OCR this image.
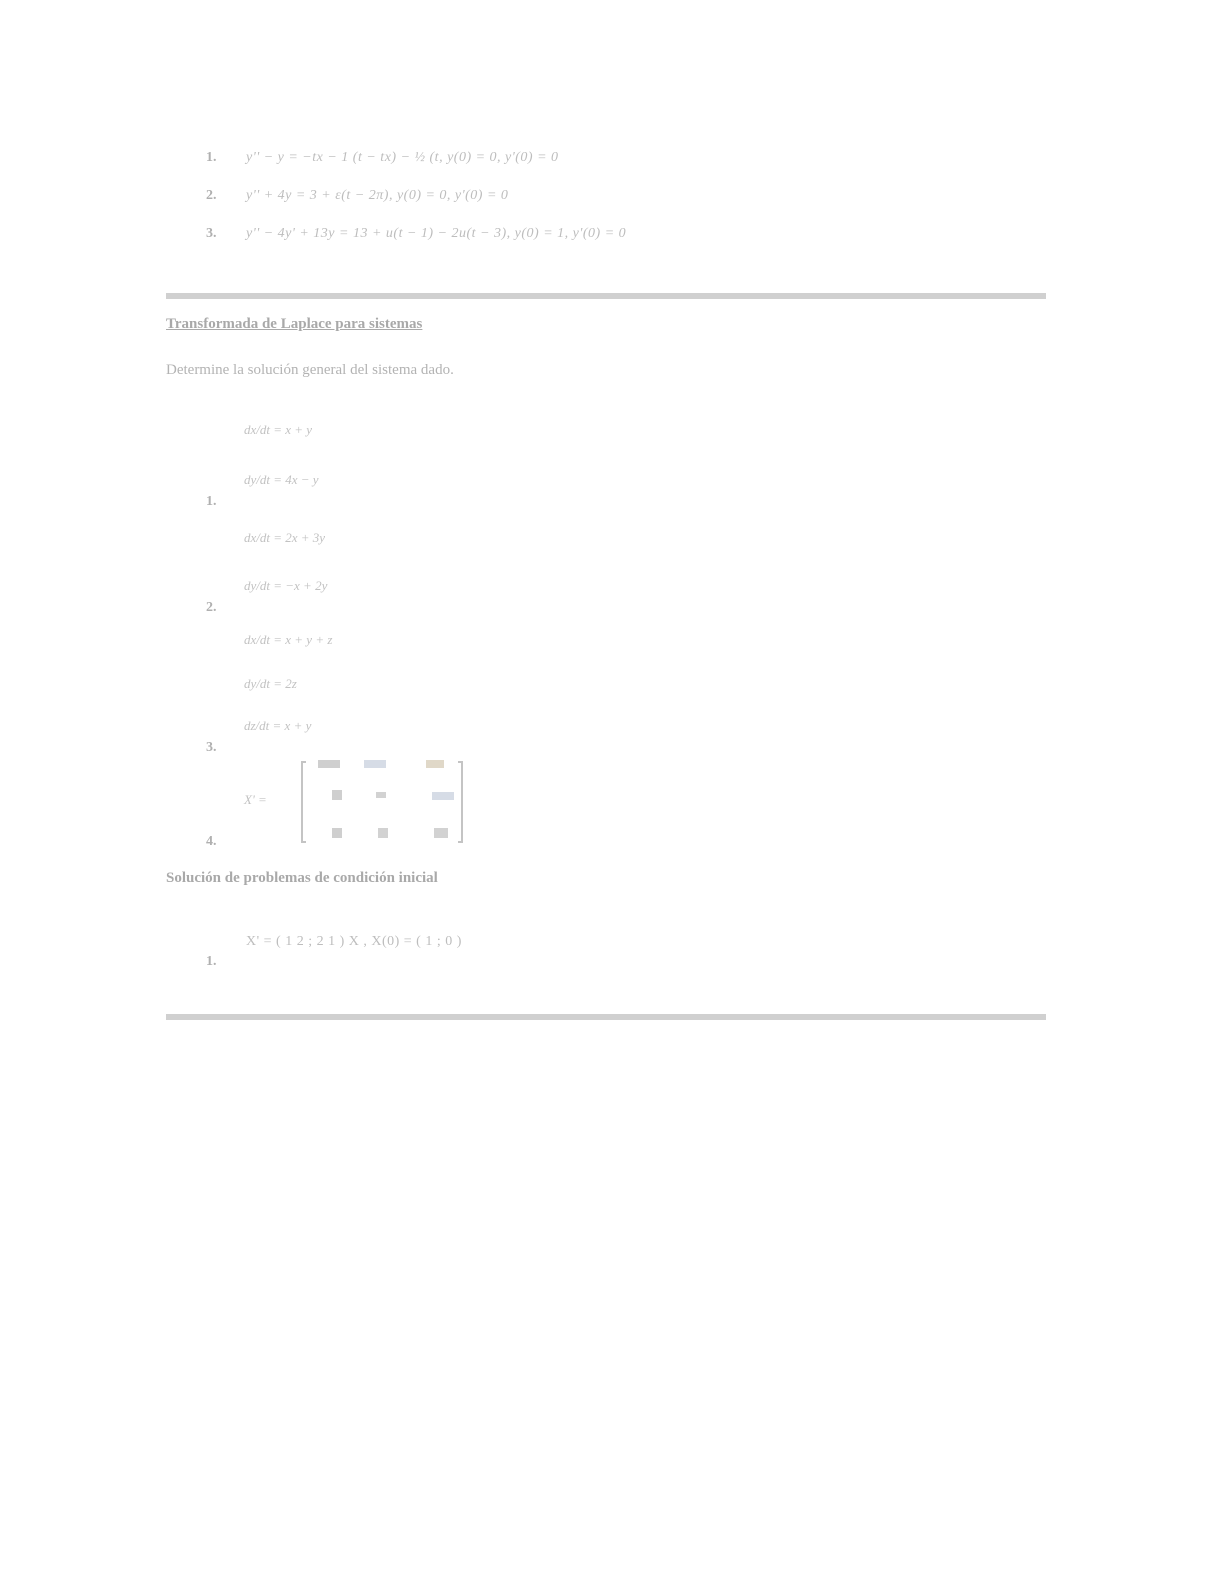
1.	y'' − y = −tx − 1 (t − tx) − ½ (t, y(0) = 0, y'(0) = 0
2.	y'' + 4y = 3 + ε(t − 2π), y(0) = 0, y'(0) = 0
3.	y'' − 4y' + 13y = 13 + u(t − 1) − 2u(t − 3), y(0) = 1, y'(0) = 0
Transformada de Laplace para sistemas
Determine la solución general del sistema dado.
dx/dt = x + y
dy/dt = 4x − y
1.
dx/dt = 2x + 3y
dy/dt = −x + 2y
2.
dx/dt = x + y + z
dy/dt = 2z
dz/dt = x + y
3.
X' =
4.
Solución de problemas de condición inicial
1.
X' = ( 1 2 ; 2 1 ) X , X(0) = ( 1 ; 0 )
